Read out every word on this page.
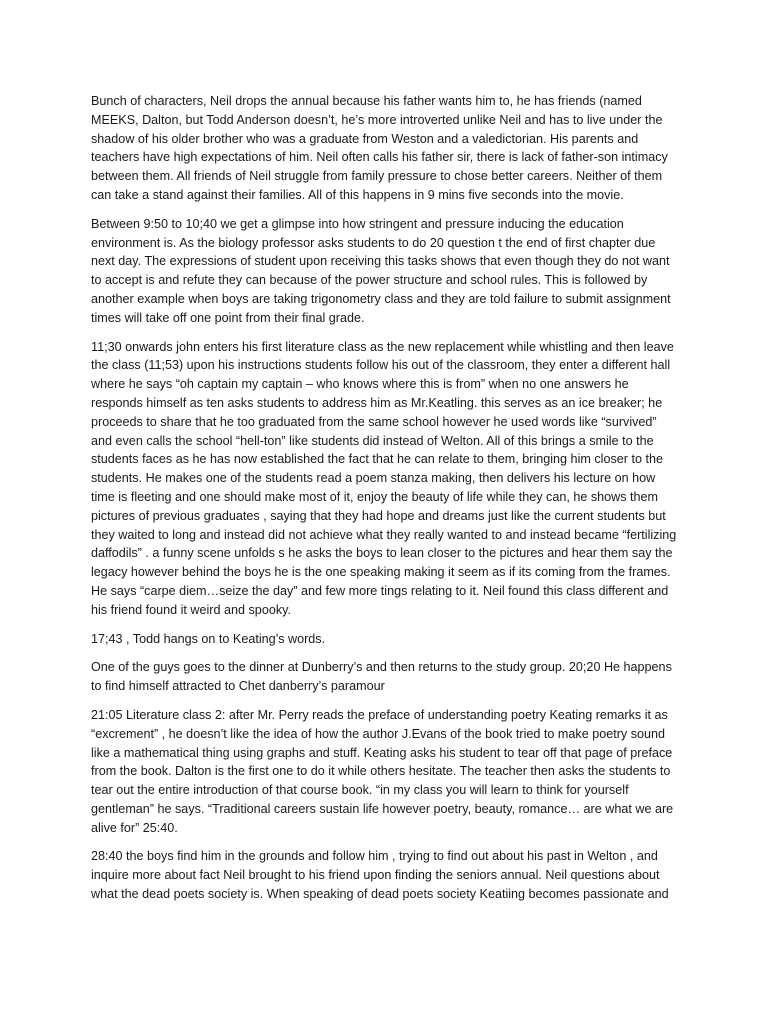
Bunch of characters, Neil drops the annual because his father wants him to, he has friends (named MEEKS, Dalton, but Todd Anderson doesn’t, he’s more introverted unlike Neil and has to live under the shadow of his older brother who was a graduate from Weston and a valedictorian. His parents and teachers have high expectations of him. Neil often calls his father sir, there is lack of father-son intimacy between them. All friends of Neil struggle from family pressure to chose better careers. Neither of them can take a stand against their families. All of this happens in 9 mins five seconds into the movie.

Between 9:50 to 10;40 we get a glimpse into how stringent and pressure inducing the education environment is. As the biology professor asks students to do 20 question t the end of first chapter due next day. The expressions of student upon receiving this tasks shows that even though they do not want to accept is and refute they can because of the power structure and school rules. This is followed by another example when boys are taking trigonometry class and they are told failure to submit assignment times will take off one point from their final grade.

11;30 onwards john enters his first literature class as the new replacement while whistling and then leave the class (11;53) upon his instructions students follow his out of the classroom, they enter a different hall where he says “oh captain my captain – who knows where this is from” when no one answers he responds himself as ten asks students to address him as Mr.Keatling. this serves as an ice breaker; he proceeds to share that he too graduated from the same school however he used words like “survived” and even calls the school “hell-ton” like students did instead of Welton. All of this brings a smile to the students faces as he has now established the fact that he can relate to them, bringing him closer to the students. He makes one of the students read a poem stanza making, then delivers his lecture on how time is fleeting and one should make most of it, enjoy the beauty of life while they can, he shows them pictures of previous graduates , saying that they had hope and dreams just like the current students but they waited to long and instead did not achieve what they really wanted to and instead became “fertilizing daffodils” . a funny scene unfolds s he asks the boys to lean closer to the pictures and hear them say the legacy however behind the boys he is the one speaking making it seem as if its coming from the frames. He says “carpe diem…seize the day” and few more tings relating to it. Neil found this class different and his friend found it weird and spooky.

17;43 , Todd hangs on to Keating’s words.

One of the guys goes to the dinner at Dunberry’s and then returns to the study group. 20;20 He happens to find himself attracted to Chet danberry’s paramour

21:05 Literature class 2: after Mr. Perry reads the preface of understanding poetry Keating remarks it as “excrement” , he doesn’t like the idea of how the author J.Evans of the book tried to make poetry sound like a mathematical thing using graphs and stuff. Keating asks his student to tear off that page of preface from the book. Dalton is the first one to do it while others hesitate. The teacher then asks the students to tear out the entire introduction of that course book. “in my class you will learn to think for yourself gentleman” he says. “Traditional careers sustain life however poetry, beauty, romance… are what we are alive for” 25:40.

28:40 the boys find him in the grounds and follow him , trying to find out about his past in Welton , and inquire more about fact Neil brought to his friend upon finding the seniors annual. Neil questions about what the dead poets society is. When speaking of dead poets society Keatiing becomes passionate and
